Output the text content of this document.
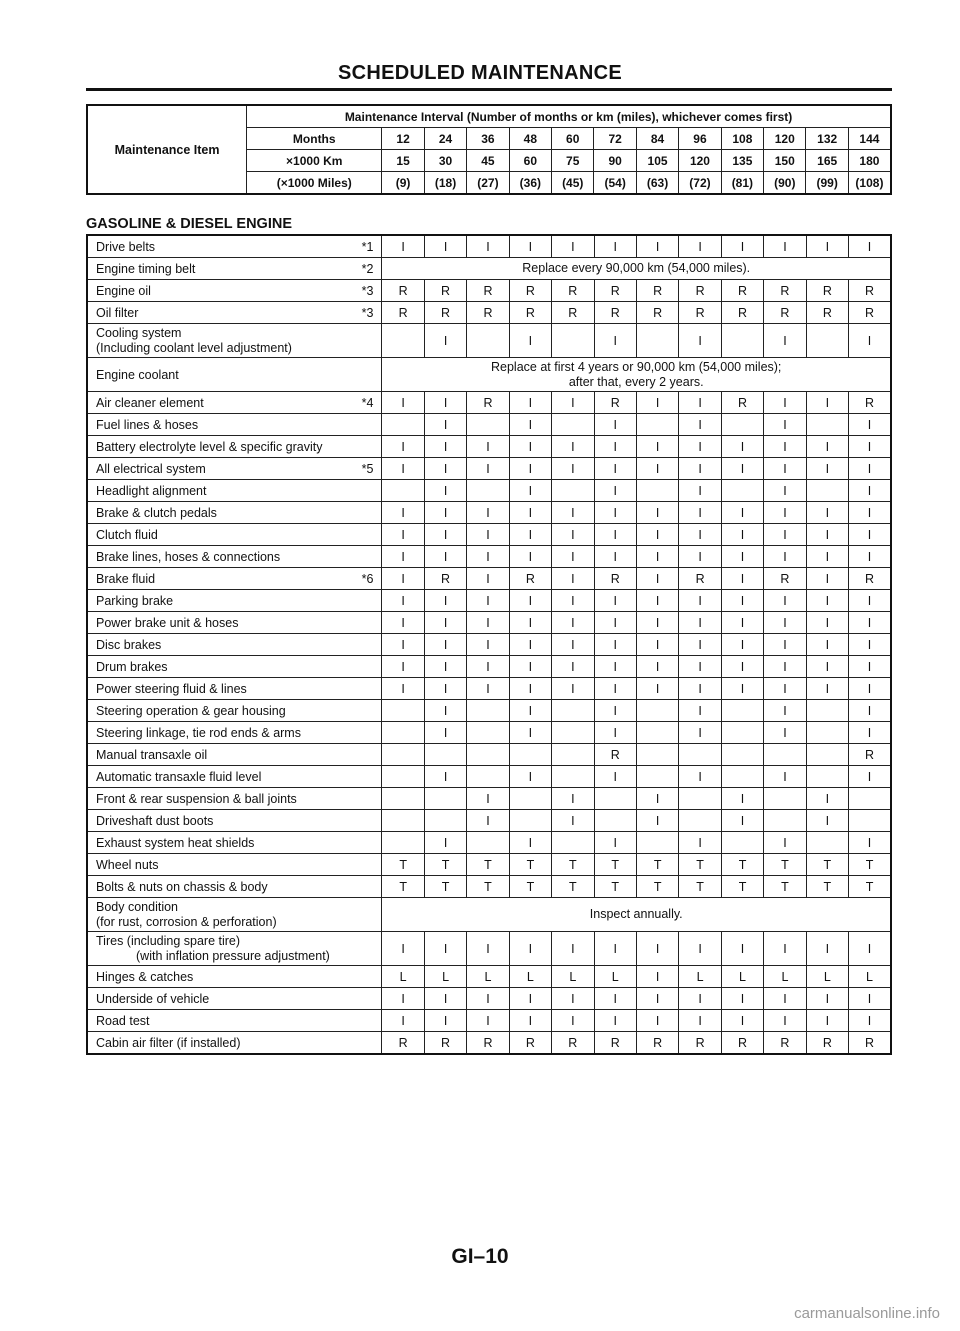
SCHEDULED MAINTENANCE
Maintenance Item	Maintenance Interval (Number of months or km (miles), whichever comes first)												
	Months	12	24	36	48	60	72	84	96	108	120	132	144
	×1000 Km	15	30	45	60	75	90	105	120	135	150	165	180
	(×1000 Miles)	(9)	(18)	(27)	(36)	(45)	(54)	(63)	(72)	(81)	(90)	(99)	(108)
GASOLINE & DIESEL ENGINE
Drive belts *1	I	I	I	I	I	I	I	I	I	I	I	I
Engine timing belt *2	Replace every 90,000 km (54,000 miles).											

Engine oil *3	R	R	R	R	R	R	R	R	R	R	R	R
Oil filter *3	R	R	R	R	R	R	R	R	R	R	R	R

Cooling system
(Including coolant level adjustment)		I		I		I		I		I		I
Engine coolant	Replace at first 4 years or 90,000 km (54,000 miles);
after that, every 2 years.											

Air cleaner element *4	I	I	R	I	I	R	I	I	R	I	I	R
Fuel lines & hoses		I		I		I		I		I		I
Battery electrolyte level & specific gravity	I	I	I	I	I	I	I	I	I	I	I	I
All electrical system *5	I	I	I	I	I	I	I	I	I	I	I	I
Headlight alignment		I		I		I		I		I		I
Brake & clutch pedals	I	I	I	I	I	I	I	I	I	I	I	I
Clutch fluid	I	I	I	I	I	I	I	I	I	I	I	I
Brake lines, hoses & connections	I	I	I	I	I	I	I	I	I	I	I	I
Brake fluid *6	I	R	I	R	I	R	I	R	I	R	I	R
Parking brake	I	I	I	I	I	I	I	I	I	I	I	I
Power brake unit & hoses	I	I	I	I	I	I	I	I	I	I	I	I
Disc brakes	I	I	I	I	I	I	I	I	I	I	I	I
Drum brakes	I	I	I	I	I	I	I	I	I	I	I	I
Power steering fluid & lines	I	I	I	I	I	I	I	I	I	I	I	I
Steering operation & gear housing		I		I		I		I		I		I
Steering linkage, tie rod ends & arms		I		I		I		I		I		I
Manual transaxle oil						R						R
Automatic transaxle fluid level		I		I		I		I		I		I
Front & rear suspension & ball joints			I		I		I		I		I	
Driveshaft dust boots			I		I		I		I		I	
Exhaust system heat shields		I		I		I		I		I		I
Wheel nuts	T	T	T	T	T	T	T	T	T	T	T	T
Bolts & nuts on chassis & body	T	T	T	T	T	T	T	T	T	T	T	T

Body condition
(for rust, corrosion & perforation)	Inspect annually.											

Tires (including spare tire)
(with inflation pressure adjustment)	I	I	I	I	I	I	I	I	I	I	I	I
Hinges & catches	L	L	L	L	L	L	I	L	L	L	L	L
Underside of vehicle	I	I	I	I	I	I	I	I	I	I	I	I
Road test	I	I	I	I	I	I	I	I	I	I	I	I
Cabin air filter (if installed)	R	R	R	R	R	R	R	R	R	R	R	R
GI–10
carmanualsonline.info
